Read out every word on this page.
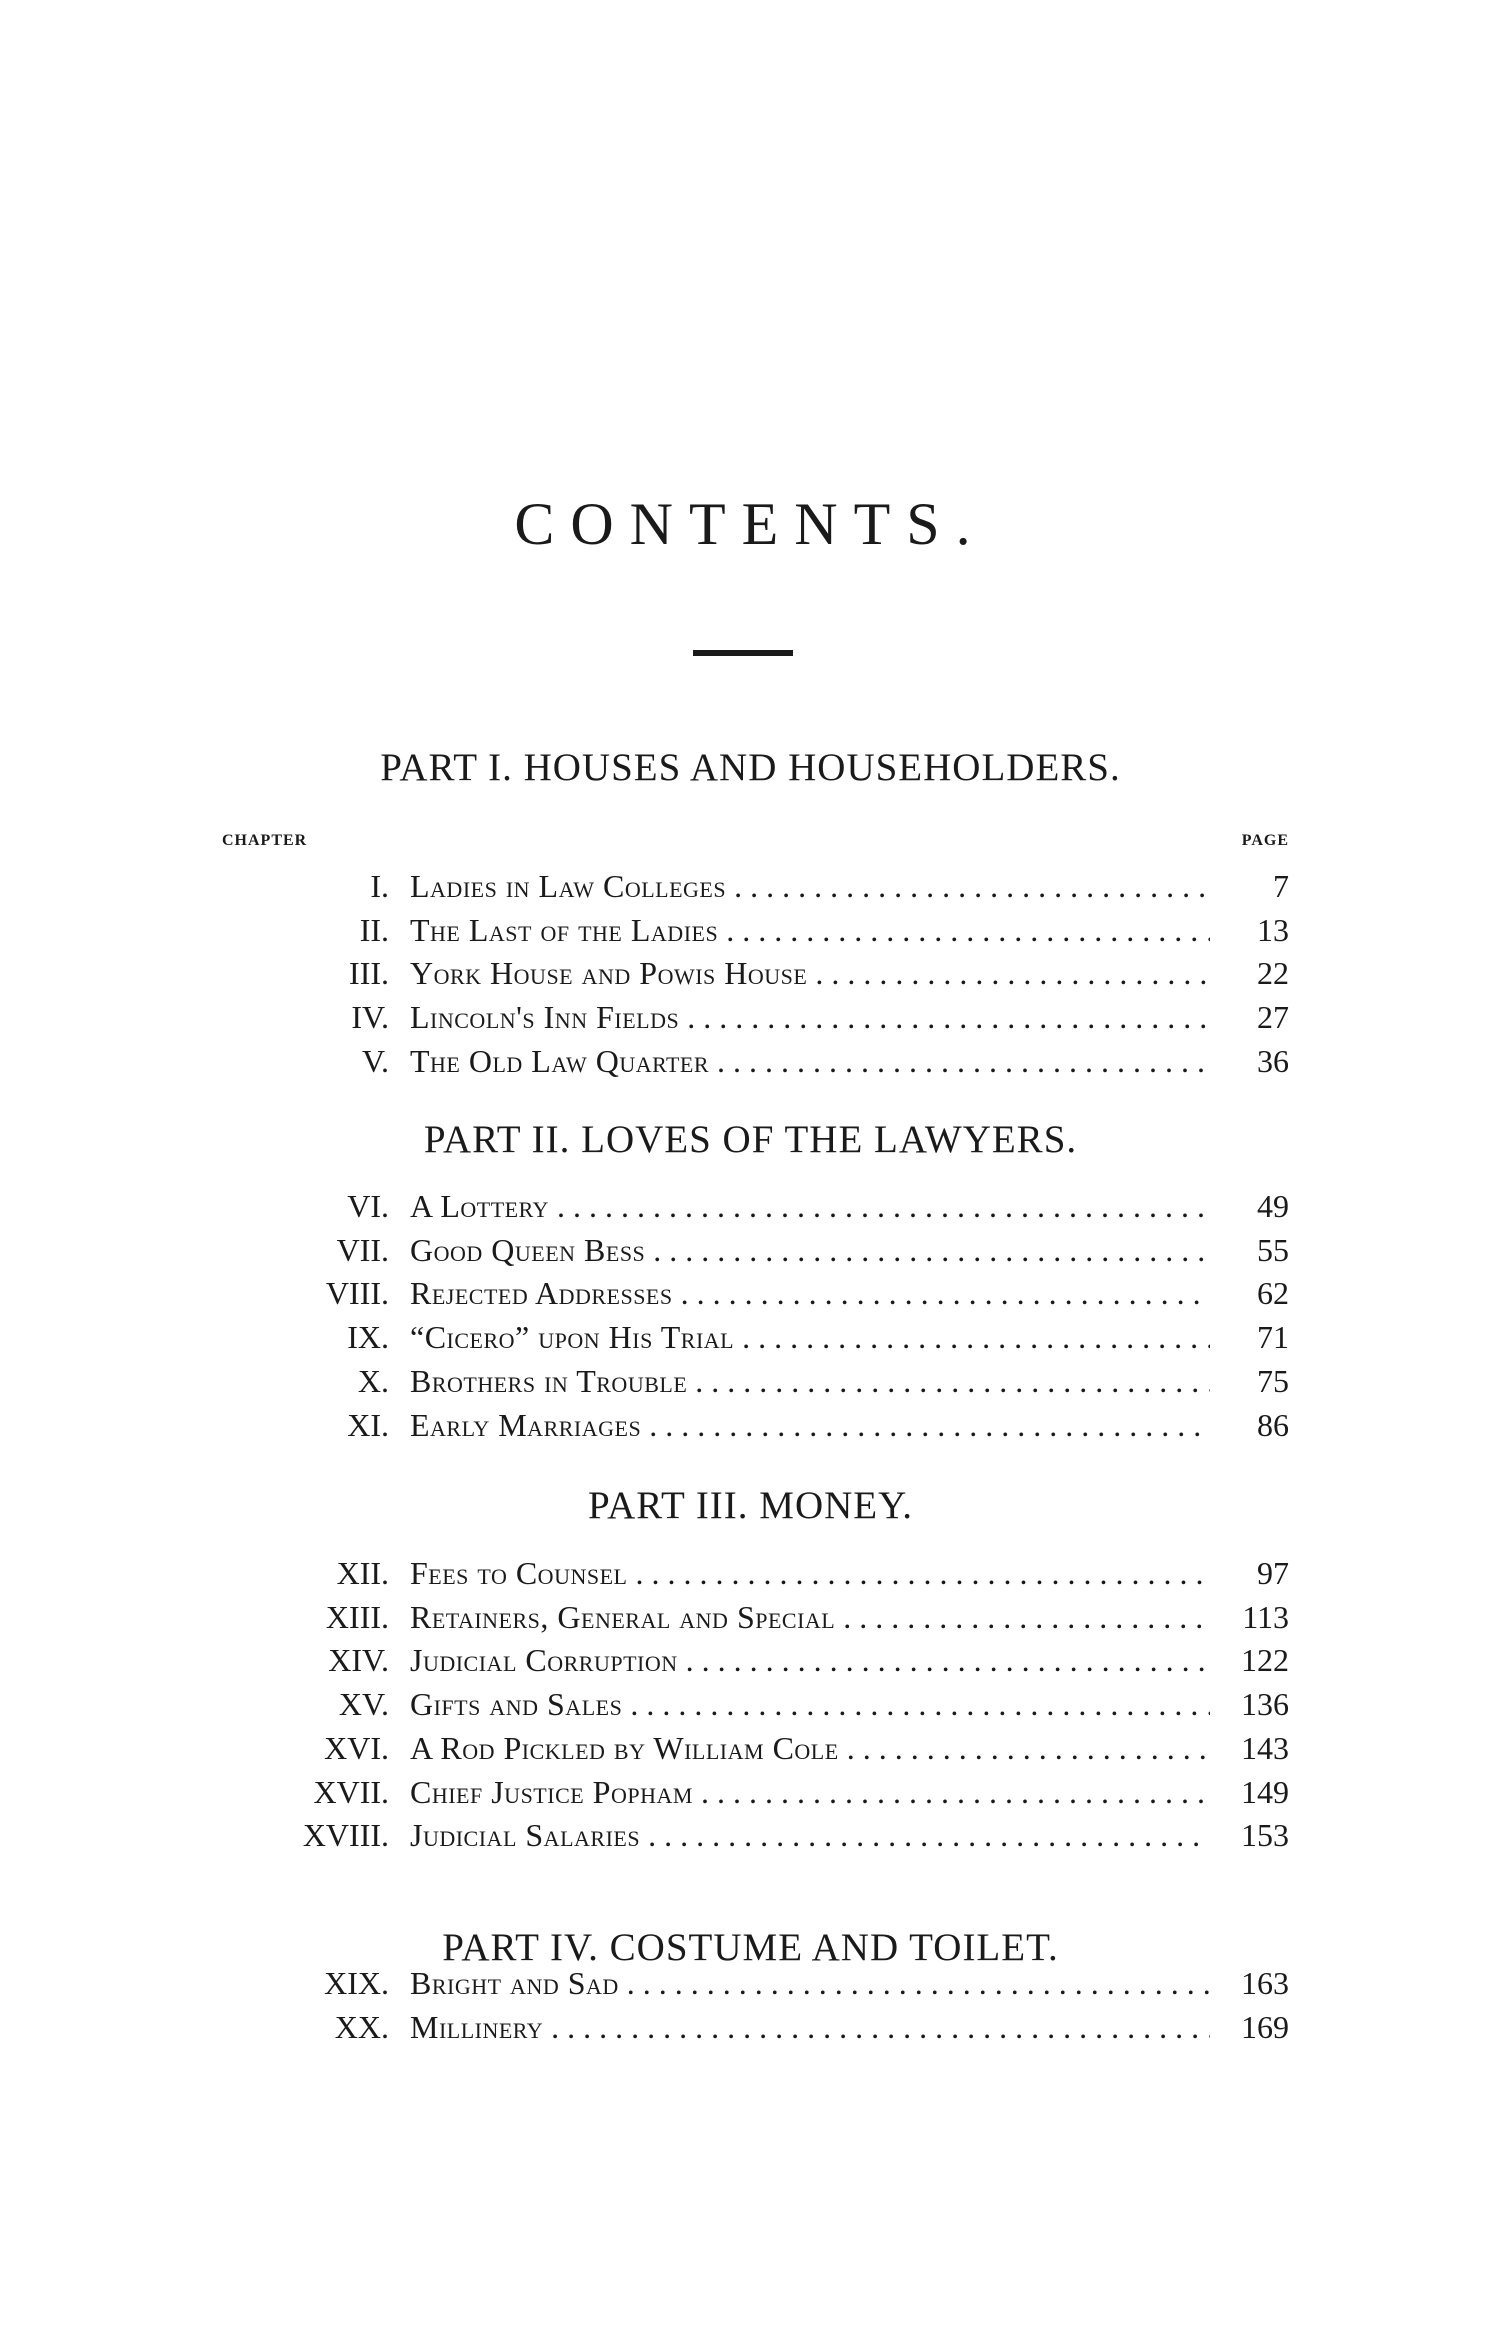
CONTENTS.
PART I. HOUSES AND HOUSEHOLDERS.
CHAPTER	PAGE
PART II. LOVES OF THE LAWYERS.
PART III. MONEY.
PART IV. COSTUME AND TOILET.
I. Ladies in Law Colleges . . .	7
II. The Last of the Ladies . . .	13
III. York House and Powis House . . .	22
IV. Lincoln's Inn Fields . . .	27
V. The Old Law Quarter . . .	36
VI. A Lottery . . .	49
VII. Good Queen Bess . . .	55
VIII. Rejected Addresses . . .	62
IX. “Cicero” upon His Trial . . .	71
X. Brothers in Trouble . . .	75
XI. Early Marriages . . .	86
XII. Fees to Counsel . . .	97
XIII. Retainers, General and Special . . .	113
XIV. Judicial Corruption . . .	122
XV. Gifts and Sales . . .	136
XVI. A Rod Pickled by William Cole . . .	143
XVII. Chief Justice Popham . . .	149
XVIII. Judicial Salaries . . .	153
XIX. Bright and Sad . . .	163
XX. Millinery . . .	169
